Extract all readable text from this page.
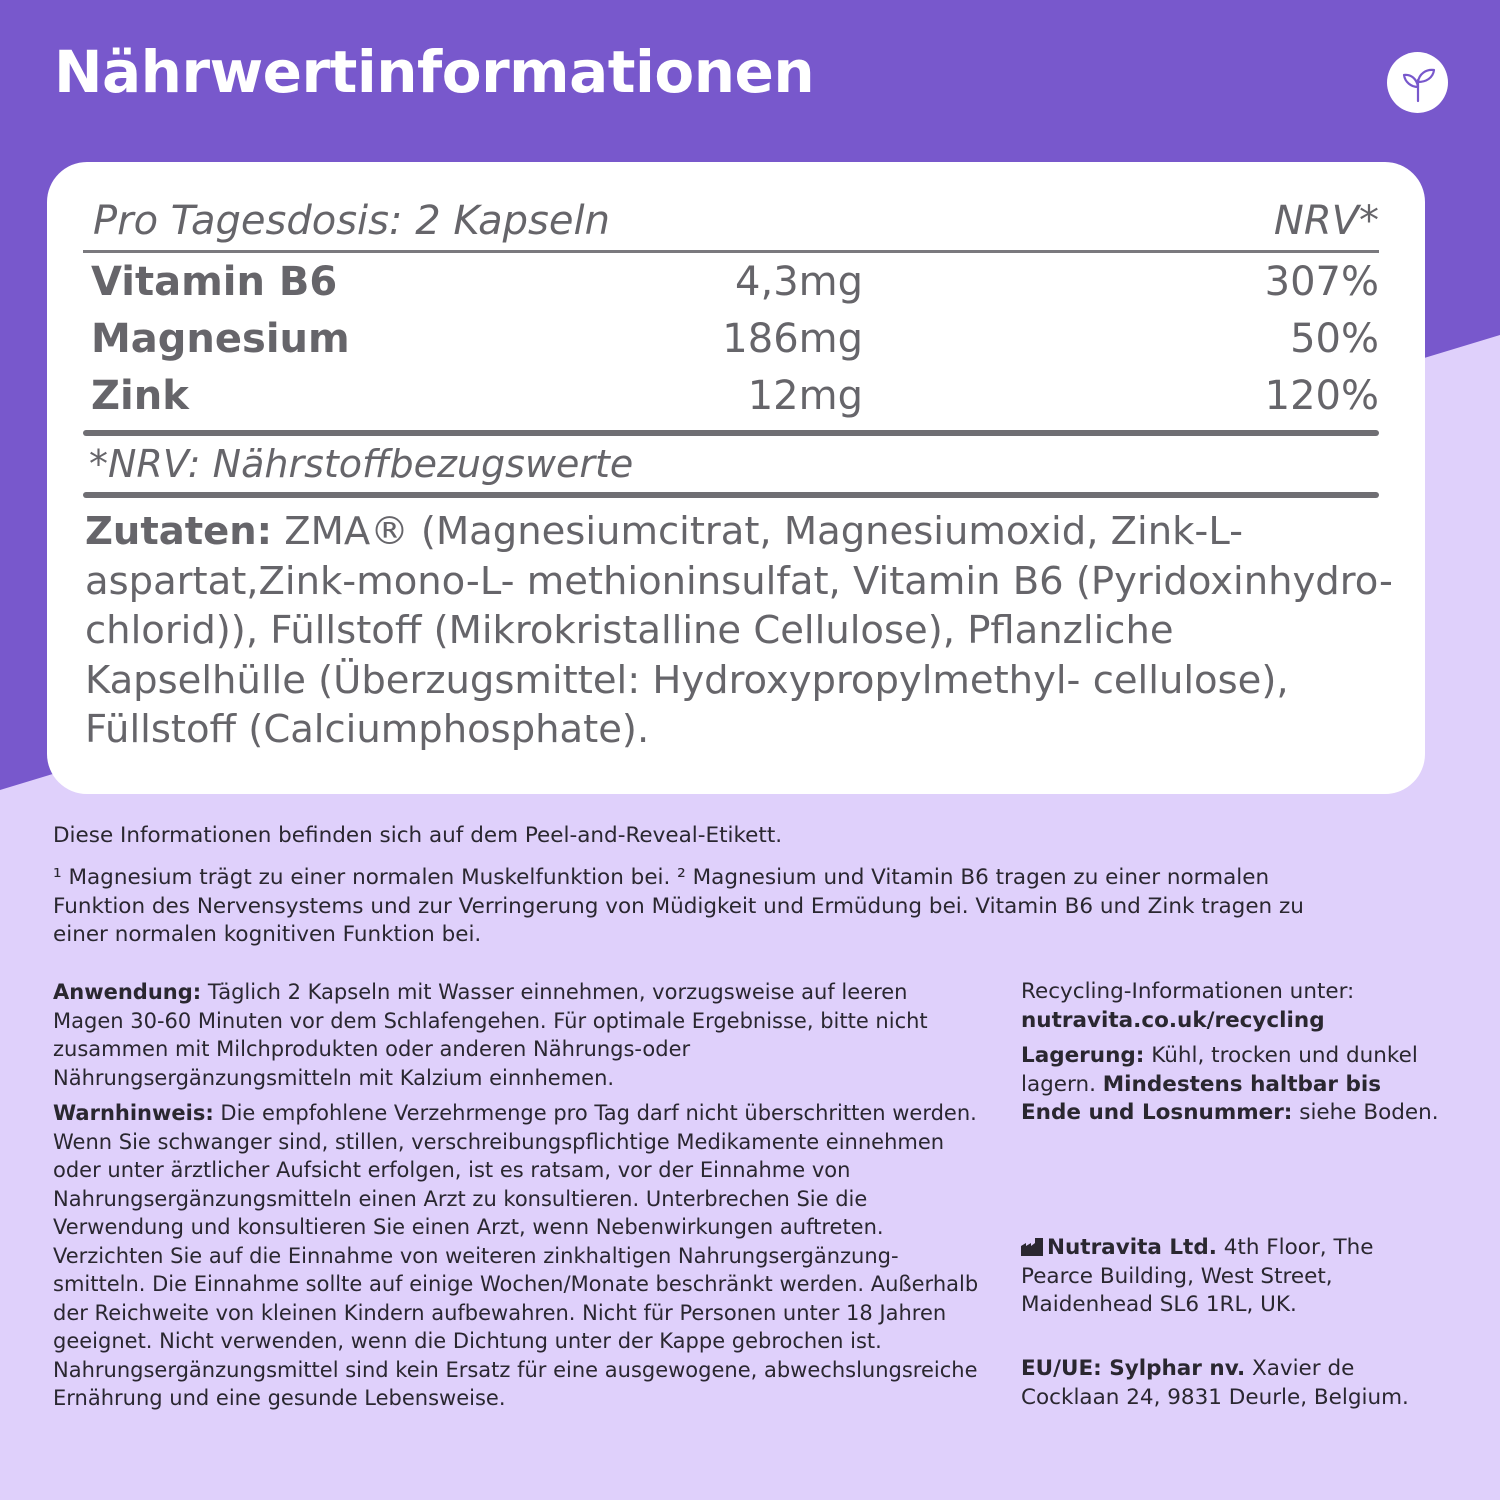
Nährwertinformationen
Pro Tagesdosis: 2 Kapseln	NRV*
Vitamin B6	4,3mg	307%
Magnesium	186mg	50%
Zink	12mg	120%
*NRV: Nährstoffbezugswerte

Zutaten: ZMA® (Magnesiumcitrat, Magnesiumoxid, Zink-L-aspartat,Zink-mono-L- methioninsulfat, Vitamin B6 (Pyridoxinhydro- chlorid)), Füllstoff (Mikrokristalline Cellulose), Pflanzliche Kapselhülle (Überzugsmittel: Hydroxypropylmethyl- cellulose), Füllstoff (Calciumphosphate).

Diese Informationen befinden sich auf dem Peel-and-Reveal-Etikett.

¹ Magnesium trägt zu einer normalen Muskelfunktion bei. ² Magnesium und Vitamin B6 tragen zu einer normalen Funktion des Nervensystems und zur Verringerung von Müdigkeit und Ermüdung bei. Vitamin B6 und Zink tragen zu einer normalen kognitiven Funktion bei.

Anwendung: Täglich 2 Kapseln mit Wasser einnehmen, vorzugsweise auf leeren Magen 30-60 Minuten vor dem Schlafengehen. Für optimale Ergebnisse, bitte nicht zusammen mit Milchprodukten oder anderen Nährungs-oder Nährungsergänzungsmitteln mit Kalzium einnhemen.

Warnhinweis: Die empfohlene Verzehrmenge pro Tag darf nicht überschritten werden. Wenn Sie schwanger sind, stillen, verschreibungspflichtige Medikamente einnehmen oder unter ärztlicher Aufsicht erfolgen, ist es ratsam, vor der Einnahme von Nahrungsergänzungsmitteln einen Arzt zu konsultieren. Unterbrechen Sie die Verwendung und konsultieren Sie einen Arzt, wenn Nebenwirkungen auftreten. Verzichten Sie auf die Einnahme von weiteren zinkhaltigen Nahrungsergänzung- smitteln. Die Einnahme sollte auf einige Wochen/Monate beschränkt werden. Außerhalb der Reichweite von kleinen Kindern aufbewahren. Nicht für Personen unter 18 Jahren geeignet. Nicht verwenden, wenn die Dichtung unter der Kappe gebrochen ist. Nahrungsergänzungsmittel sind kein Ersatz für eine ausgewogene, abwechslungsreiche Ernährung und eine gesunde Lebensweise.

Recycling-Informationen unter:
nutravita.co.uk/recycling

Lagerung: Kühl, trocken und dunkel lagern. Mindestens haltbar bis Ende und Losnummer: siehe Boden.

Nutravita Ltd. 4th Floor, The Pearce Building, West Street, Maidenhead SL6 1RL, UK.

EU/UE: Sylphar nv. Xavier de Cocklaan 24, 9831 Deurle, Belgium.
